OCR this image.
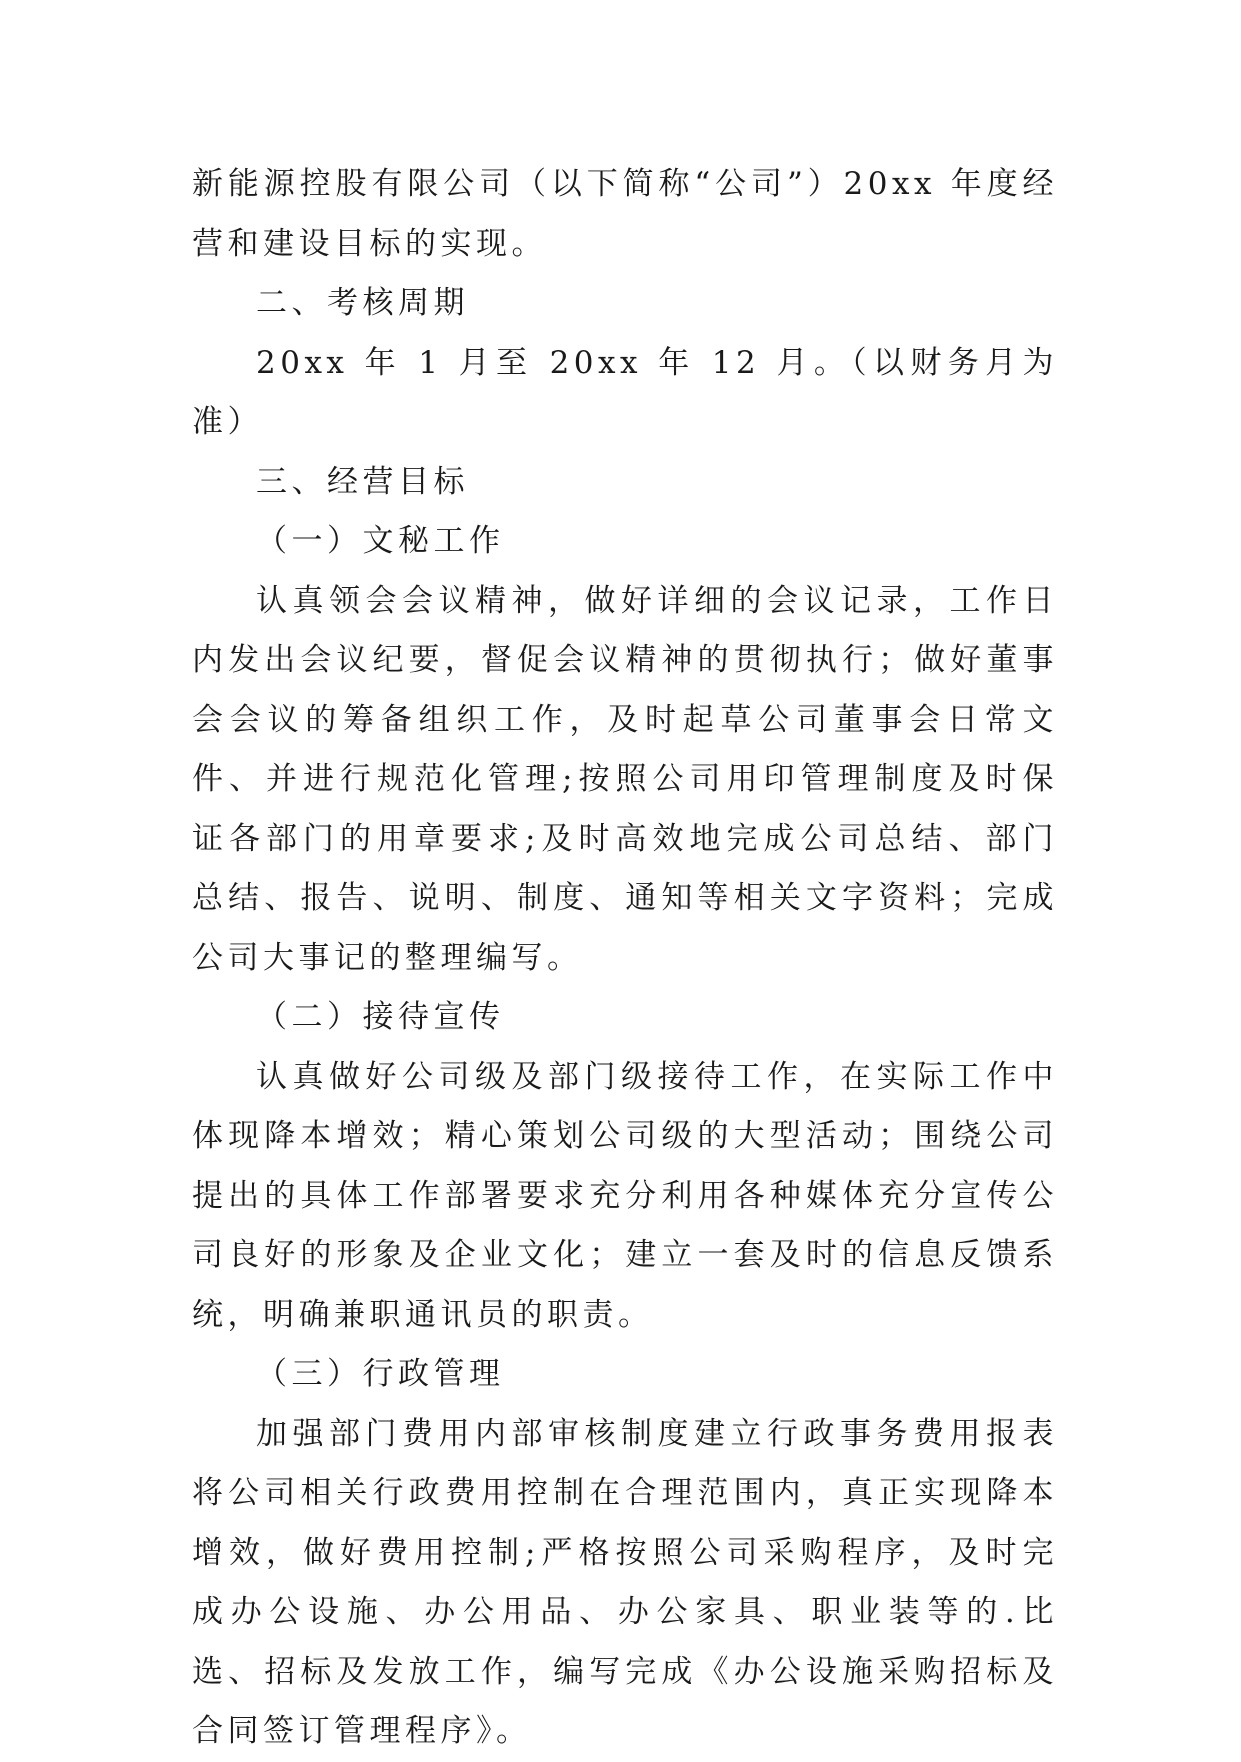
新能源控股有限公司（以下简称“公司”）20xx 年度经营和建设目标的实现。

二、考核周期

20xx 年 1 月至 20xx 年 12 月。（以财务月为准）

三、经营目标

（一）文秘工作

认真领会会议精神，做好详细的会议记录，工作日内发出会议纪要，督促会议精神的贯彻执行；做好董事会会议的筹备组织工作，及时起草公司董事会日常文件、并进行规范化管理;按照公司用印管理制度及时保证各部门的用章要求;及时高效地完成公司总结、部门总结、报告、说明、制度、通知等相关文字资料；完成公司大事记的整理编写。

（二）接待宣传

认真做好公司级及部门级接待工作，在实际工作中体现降本增效；精心策划公司级的大型活动；围绕公司提出的具体工作部署要求充分利用各种媒体充分宣传公司良好的形象及企业文化；建立一套及时的信息反馈系统，明确兼职通讯员的职责。

（三）行政管理

加强部门费用内部审核制度建立行政事务费用报表将公司相关行政费用控制在合理范围内，真正实现降本增效，做好费用控制;严格按照公司采购程序，及时完成办公设施、办公用品、办公家具、职业装等的.比选、招标及发放工作，编写完成《办公设施采购招标及合同签订管理程序》。
